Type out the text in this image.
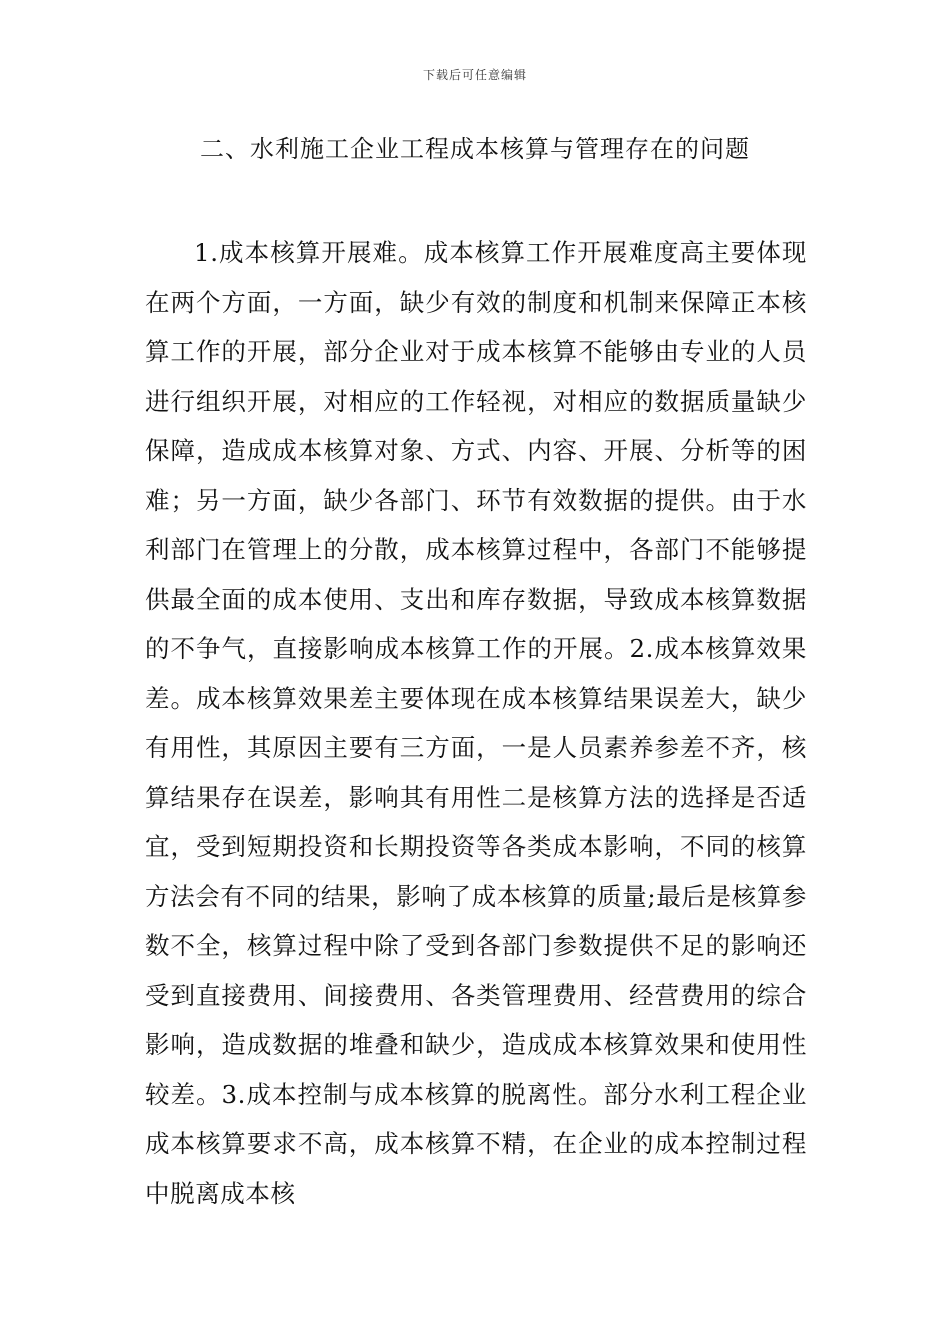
下载后可任意编辑
二、水利施工企业工程成本核算与管理存在的问题

1.成本核算开展难。成本核算工作开展难度高主要体现在两个方面，一方面，缺少有效的制度和机制来保障正本核算工作的开展，部分企业对于成本核算不能够由专业的人员进行组织开展，对相应的工作轻视，对相应的数据质量缺少保障，造成成本核算对象、方式、内容、开展、分析等的困难；另一方面，缺少各部门、环节有效数据的提供。由于水利部门在管理上的分散，成本核算过程中，各部门不能够提供最全面的成本使用、支出和库存数据，导致成本核算数据的不争气，直接影响成本核算工作的开展。2.成本核算效果差。成本核算效果差主要体现在成本核算结果误差大，缺少有用性，其原因主要有三方面，一是人员素养参差不齐，核算结果存在误差，影响其有用性二是核算方法的选择是否适宜，受到短期投资和长期投资等各类成本影响，不同的核算方法会有不同的结果，影响了成本核算的质量;最后是核算参数不全，核算过程中除了受到各部门参数提供不足的影响还受到直接费用、间接费用、各类管理费用、经营费用的综合影响，造成数据的堆叠和缺少，造成成本核算效果和使用性较差。3.成本控制与成本核算的脱离性。部分水利工程企业成本核算要求不高，成本核算不精，在企业的成本控制过程中脱离成本核
